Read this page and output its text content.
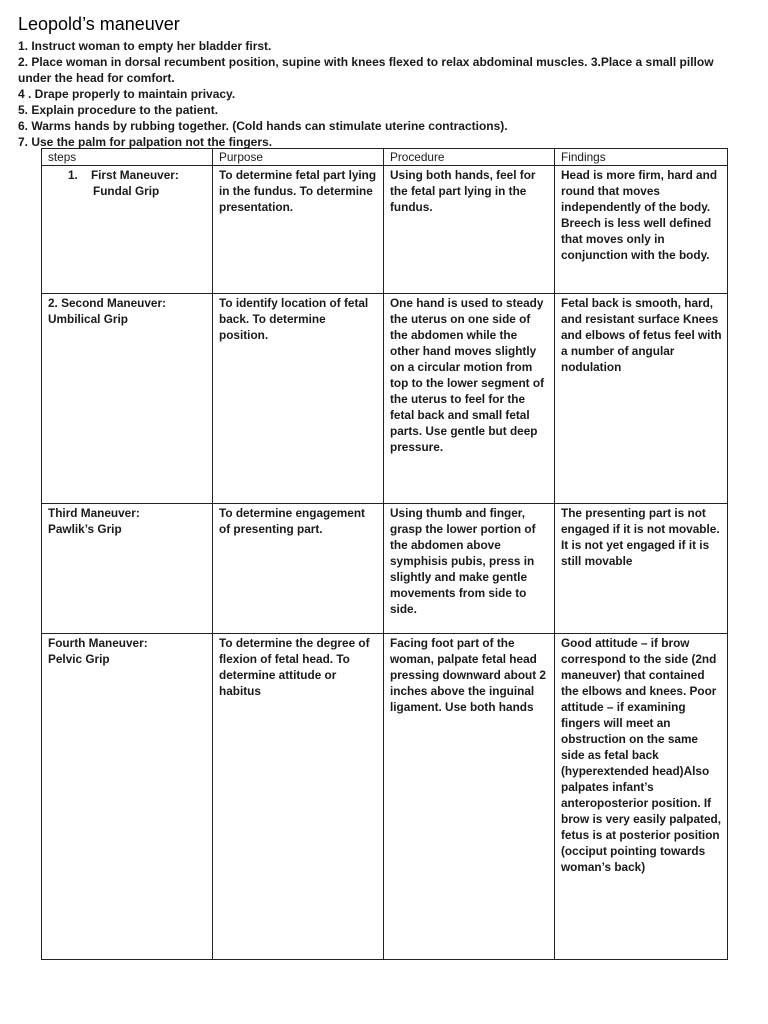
Leopold’s maneuver

1. Instruct woman to empty her bladder first.

2. Place woman in dorsal recumbent position, supine with knees flexed to relax abdominal muscles. 3.Place a small pillow under the head for comfort.

4 . Drape properly to maintain privacy.

5. Explain procedure to the patient.

6. Warms hands by rubbing together. (Cold hands can stimulate uterine contractions).

7. Use the palm for palpation not the fingers.

steps	Purpose	Procedure	Findings

1.    First Maneuver:
Fundal Grip	To determine fetal part lying in the fundus. To determine presentation.	Using both hands, feel for the fetal part lying in the fundus.	Head is more firm, hard and round that moves independently of the body. Breech is less well defined that moves only in conjunction with the body.

2. Second Maneuver:
Umbilical Grip	To identify location of fetal back. To determine position.	One hand is used to steady the uterus on one side of the abdomen while the other hand moves slightly on a circular motion from top to the lower segment of the uterus to feel for the fetal back and small fetal parts. Use gentle but deep pressure.	Fetal back is smooth, hard, and resistant surface Knees and elbows of fetus feel with a number of angular nodulation

Third Maneuver:
Pawlik’s Grip	To determine engagement of presenting part.	Using thumb and finger, grasp the lower portion of the abdomen above symphisis pubis, press in slightly and make gentle movements from side to side.	The presenting part is not engaged if it is not movable. It is not yet engaged if it is still movable

Fourth Maneuver:
Pelvic Grip	To determine the degree of flexion of fetal head. To determine attitude or habitus	Facing foot part of the woman, palpate fetal head pressing downward about 2 inches above the inguinal ligament. Use both hands	Good attitude – if brow correspond to the side (2nd maneuver) that contained the elbows and knees. Poor attitude – if examining fingers will meet an obstruction on the same side as fetal back (hyperextended head)Also palpates infant’s anteroposterior position. If brow is very easily palpated, fetus is at posterior position (occiput pointing towards woman’s back)
